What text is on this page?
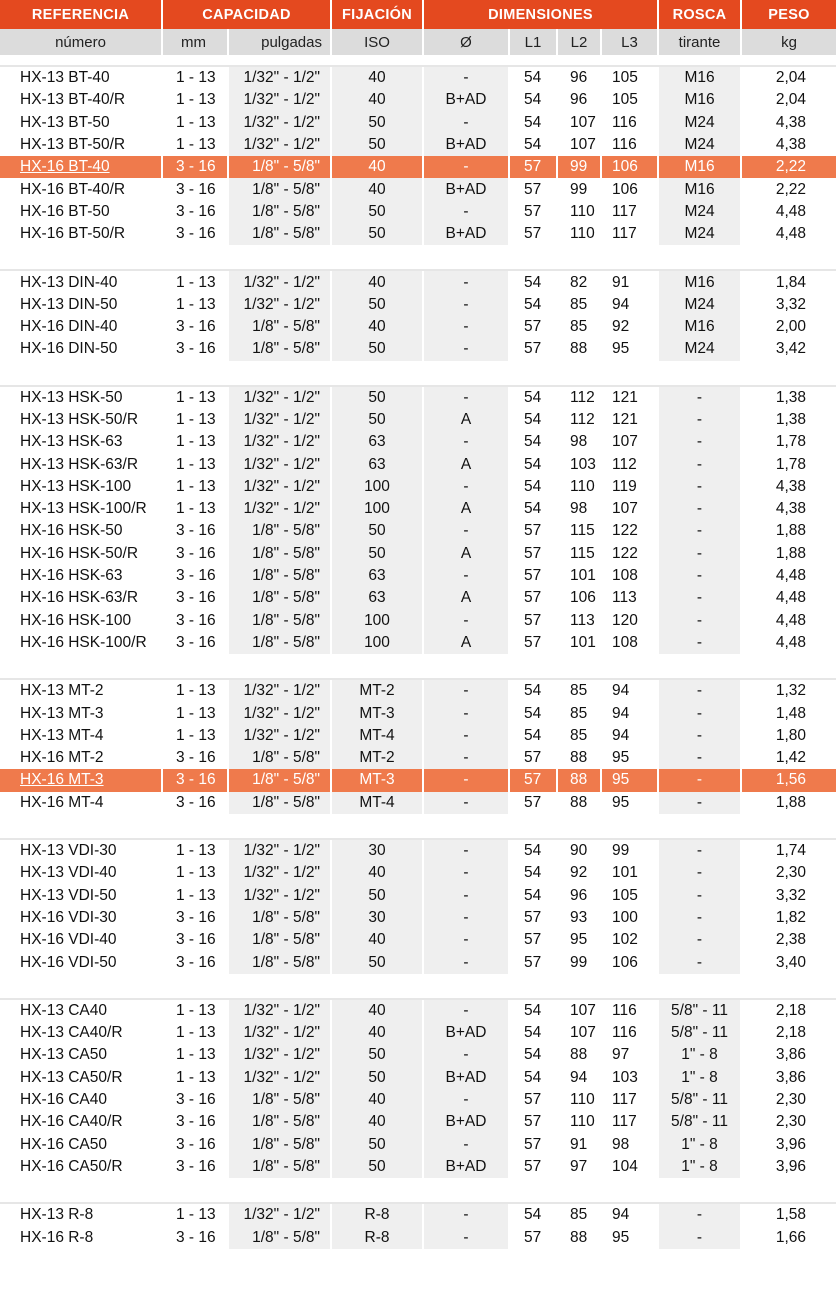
REFERENCIA	CAPACIDAD		FIJACIÓN	DIMENSIONES				ROSCA	PESO
número	mm	pulgadas	ISO	Ø	L1	L2	L3	tirante	kg

HX-13 BT-40	1 - 13	1/32" - 1/2"	40	-	54	96	105	M16	2,04
HX-13 BT-40/R	1 - 13	1/32" - 1/2"	40	B+AD	54	96	105	M16	2,04
HX-13 BT-50	1 - 13	1/32" - 1/2"	50	-	54	107	116	M24	4,38
HX-13 BT-50/R	1 - 13	1/32" - 1/2"	50	B+AD	54	107	116	M24	4,38
HX-16 BT-40	3 - 16	1/8" - 5/8"	40	-	57	99	106	M16	2,22
HX-16 BT-40/R	3 - 16	1/8" - 5/8"	40	B+AD	57	99	106	M16	2,22
HX-16 BT-50	3 - 16	1/8" - 5/8"	50	-	57	110	117	M24	4,48
HX-16 BT-50/R	3 - 16	1/8" - 5/8"	50	B+AD	57	110	117	M24	4,48

HX-13 DIN-40	1 - 13	1/32" - 1/2"	40	-	54	82	91	M16	1,84
HX-13 DIN-50	1 - 13	1/32" - 1/2"	50	-	54	85	94	M24	3,32
HX-16 DIN-40	3 - 16	1/8" - 5/8"	40	-	57	85	92	M16	2,00
HX-16 DIN-50	3 - 16	1/8" - 5/8"	50	-	57	88	95	M24	3,42

HX-13 HSK-50	1 - 13	1/32" - 1/2"	50	-	54	112	121	-	1,38
HX-13 HSK-50/R	1 - 13	1/32" - 1/2"	50	A	54	112	121	-	1,38
HX-13 HSK-63	1 - 13	1/32" - 1/2"	63	-	54	98	107	-	1,78
HX-13 HSK-63/R	1 - 13	1/32" - 1/2"	63	A	54	103	112	-	1,78
HX-13 HSK-100	1 - 13	1/32" - 1/2"	100	-	54	110	119	-	4,38
HX-13 HSK-100/R	1 - 13	1/32" - 1/2"	100	A	54	98	107	-	4,38
HX-16 HSK-50	3 - 16	1/8" - 5/8"	50	-	57	115	122	-	1,88
HX-16 HSK-50/R	3 - 16	1/8" - 5/8"	50	A	57	115	122	-	1,88
HX-16 HSK-63	3 - 16	1/8" - 5/8"	63	-	57	101	108	-	4,48
HX-16 HSK-63/R	3 - 16	1/8" - 5/8"	63	A	57	106	113	-	4,48
HX-16 HSK-100	3 - 16	1/8" - 5/8"	100	-	57	113	120	-	4,48
HX-16 HSK-100/R	3 - 16	1/8" - 5/8"	100	A	57	101	108	-	4,48

HX-13 MT-2	1 - 13	1/32" - 1/2"	MT-2	-	54	85	94	-	1,32
HX-13 MT-3	1 - 13	1/32" - 1/2"	MT-3	-	54	85	94	-	1,48
HX-13 MT-4	1 - 13	1/32" - 1/2"	MT-4	-	54	85	94	-	1,80
HX-16 MT-2	3 - 16	1/8" - 5/8"	MT-2	-	57	88	95	-	1,42
HX-16 MT-3	3 - 16	1/8" - 5/8"	MT-3	-	57	88	95	-	1,56
HX-16 MT-4	3 - 16	1/8" - 5/8"	MT-4	-	57	88	95	-	1,88

HX-13 VDI-30	1 - 13	1/32" - 1/2"	30	-	54	90	99	-	1,74
HX-13 VDI-40	1 - 13	1/32" - 1/2"	40	-	54	92	101	-	2,30
HX-13 VDI-50	1 - 13	1/32" - 1/2"	50	-	54	96	105	-	3,32
HX-16 VDI-30	3 - 16	1/8" - 5/8"	30	-	57	93	100	-	1,82
HX-16 VDI-40	3 - 16	1/8" - 5/8"	40	-	57	95	102	-	2,38
HX-16 VDI-50	3 - 16	1/8" - 5/8"	50	-	57	99	106	-	3,40

HX-13 CA40	1 - 13	1/32" - 1/2"	40	-	54	107	116	5/8" - 11	2,18
HX-13 CA40/R	1 - 13	1/32" - 1/2"	40	B+AD	54	107	116	5/8" - 11	2,18
HX-13 CA50	1 - 13	1/32" - 1/2"	50	-	54	88	97	1" - 8	3,86
HX-13 CA50/R	1 - 13	1/32" - 1/2"	50	B+AD	54	94	103	1" - 8	3,86
HX-16 CA40	3 - 16	1/8" - 5/8"	40	-	57	110	117	5/8" - 11	2,30
HX-16 CA40/R	3 - 16	1/8" - 5/8"	40	B+AD	57	110	117	5/8" - 11	2,30
HX-16 CA50	3 - 16	1/8" - 5/8"	50	-	57	91	98	1" - 8	3,96
HX-16 CA50/R	3 - 16	1/8" - 5/8"	50	B+AD	57	97	104	1" - 8	3,96

HX-13 R-8	1 - 13	1/32" - 1/2"	R-8	-	54	85	94	-	1,58
HX-16 R-8	3 - 16	1/8" - 5/8"	R-8	-	57	88	95	-	1,66
